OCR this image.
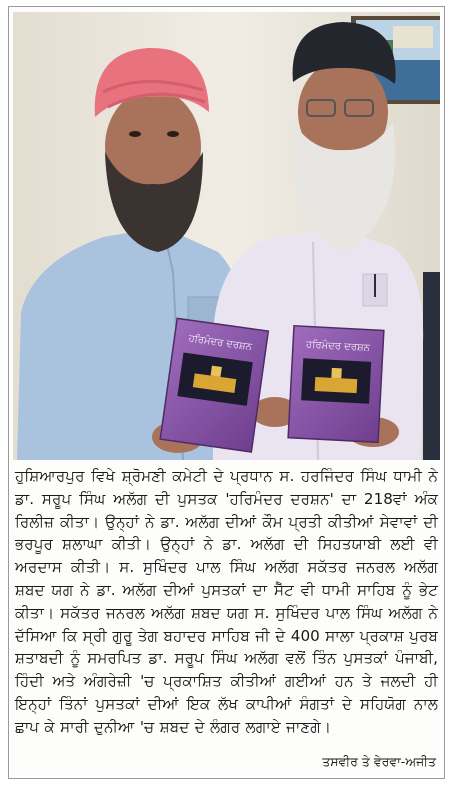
ਹਰਿਮੰਦਰ ਦਰਸ਼ਨ	ਹਰਿਮੰਦਰ ਦਰਸ਼ਨ
ਹੁਸ਼ਿਆਰਪੁਰ ਵਿਖੇ ਸ਼੍ਰੋਮਣੀ ਕਮੇਟੀ ਦੇ ਪ੍ਰਧਾਨ ਸ. ਹਰਜਿੰਦਰ ਸਿੰਘ ਧਾਮੀ ਨੇ ਡਾ. ਸਰੂਪ ਸਿੰਘ ਅਲੱਗ ਦੀ ਪੁਸਤਕ 'ਹਰਿਮੰਦਰ ਦਰਸ਼ਨ' ਦਾ 218ਵਾਂ ਅੰਕ ਰਿਲੀਜ਼ ਕੀਤਾ। ਉਨ੍ਹਾਂ ਨੇ ਡਾ. ਅਲੱਗ ਦੀਆਂ ਕੌਮ ਪ੍ਰਤੀ ਕੀਤੀਆਂ ਸੇਵਾਵਾਂ ਦੀ ਭਰਪੂਰ ਸ਼ਲਾਘਾ ਕੀਤੀ। ਉਨ੍ਹਾਂ ਨੇ ਡਾ. ਅਲੱਗ ਦੀ ਸਿਹਤਯਾਬੀ ਲਈ ਵੀ ਅਰਦਾਸ ਕੀਤੀ। ਸ. ਸੁਖਿੰਦਰ ਪਾਲ ਸਿੰਘ ਅਲੱਗ ਸਕੱਤਰ ਜਨਰਲ ਅਲੱਗ ਸ਼ਬਦ ਯਗ ਨੇ ਡਾ. ਅਲੱਗ ਦੀਆਂ ਪੁਸਤਕਾਂ ਦਾ ਸੈੱਟ ਵੀ ਧਾਮੀ ਸਾਹਿਬ ਨੂੰ ਭੇਟ ਕੀਤਾ। ਸਕੱਤਰ ਜਨਰਲ ਅਲੱਗ ਸ਼ਬਦ ਯਗ ਸ. ਸੁਖਿੰਦਰ ਪਾਲ ਸਿੰਘ ਅਲੱਗ ਨੇ ਦੱਸਿਆ ਕਿ ਸ੍ਰੀ ਗੁਰੂ ਤੇਗ ਬਹਾਦਰ ਸਾਹਿਬ ਜੀ ਦੇ 400 ਸਾਲਾ ਪ੍ਰਕਾਸ਼ ਪੁਰਬ ਸ਼ਤਾਬਦੀ ਨੂੰ ਸਮਰਪਿਤ ਡਾ. ਸਰੂਪ ਸਿੰਘ ਅਲੱਗ ਵਲੋਂ ਤਿੰਨ ਪੁਸਤਕਾਂ ਪੰਜਾਬੀ, ਹਿੰਦੀ ਅਤੇ ਅੰਗਰੇਜ਼ੀ 'ਚ ਪ੍ਰਕਾਸ਼ਿਤ ਕੀਤੀਆਂ ਗਈਆਂ ਹਨ ਤੇ ਜਲਦੀ ਹੀ ਇਨ੍ਹਾਂ ਤਿੰਨਾਂ ਪੁਸਤਕਾਂ ਦੀਆਂ ਇਕ ਲੱਖ ਕਾਪੀਆਂ ਸੰਗਤਾਂ ਦੇ ਸਹਿਯੋਗ ਨਾਲ ਛਾਪ ਕੇ ਸਾਰੀ ਦੁਨੀਆ 'ਚ ਸ਼ਬਦ ਦੇ ਲੰਗਰ ਲਗਾਏ ਜਾਣਗੇ।
ਤਸਵੀਰ ਤੇ ਵੇਰਵਾ-ਅਜੀਤ
